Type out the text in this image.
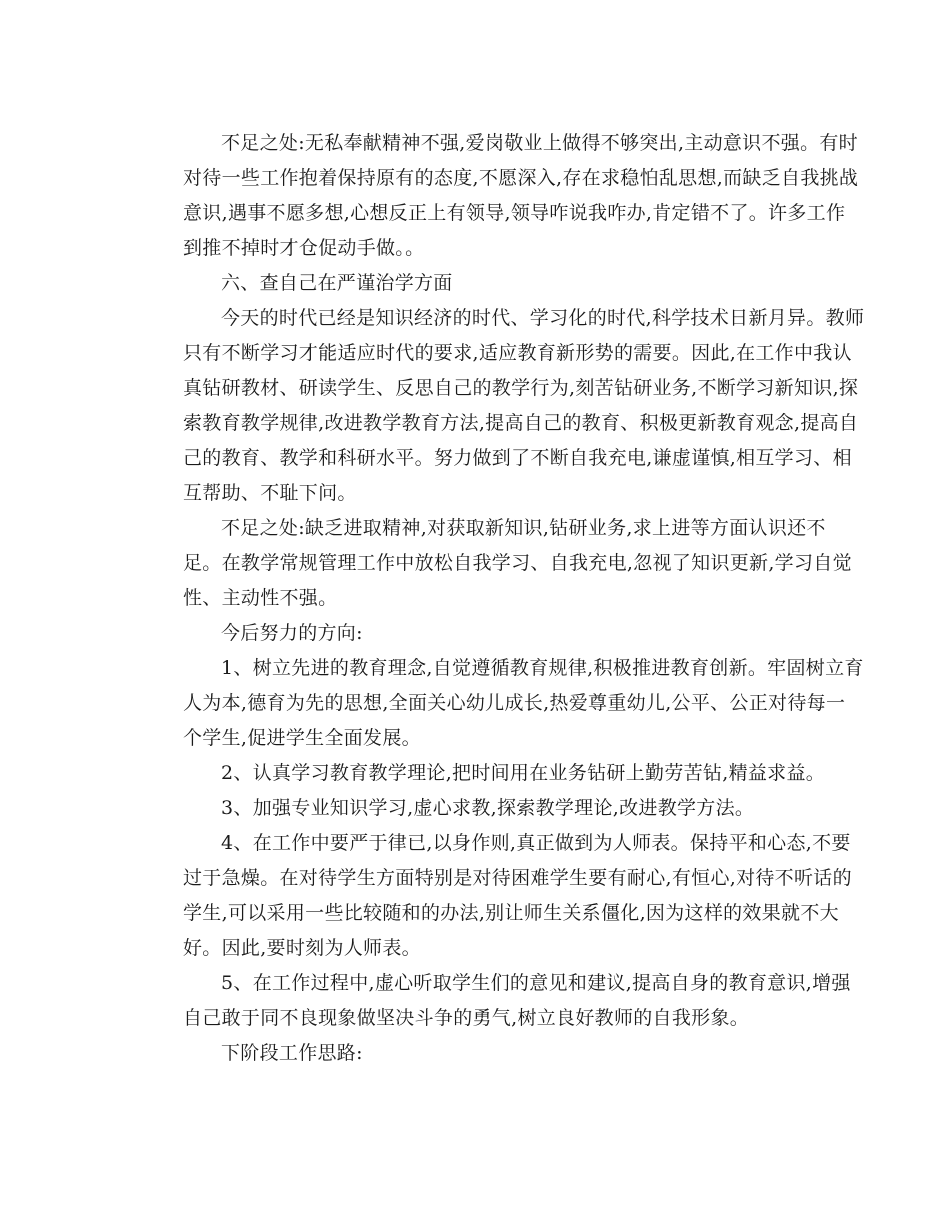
不足之处:无私奉献精神不强,爱岗敬业上做得不够突出,主动意识不强。有时
对待一些工作抱着保持原有的态度,不愿深入,存在求稳怕乱思想,而缺乏自我挑战
意识,遇事不愿多想,心想反正上有领导,领导咋说我咋办,肯定错不了。许多工作
到推不掉时才仓促动手做。。
六、查自己在严谨治学方面
今天的时代已经是知识经济的时代、学习化的时代,科学技术日新月异。教师
只有不断学习才能适应时代的要求,适应教育新形势的需要。因此,在工作中我认
真钻研教材、研读学生、反思自己的教学行为,刻苦钻研业务,不断学习新知识,探
索教育教学规律,改进教学教育方法,提高自己的教育、积极更新教育观念,提高自
己的教育、教学和科研水平。努力做到了不断自我充电,谦虚谨慎,相互学习、相
互帮助、不耻下问。
不足之处:缺乏进取精神,对获取新知识,钻研业务,求上进等方面认识还不
足。在教学常规管理工作中放松自我学习、自我充电,忽视了知识更新,学习自觉
性、主动性不强。
今后努力的方向:
1、树立先进的教育理念,自觉遵循教育规律,积极推进教育创新。牢固树立育
人为本,德育为先的思想,全面关心幼儿成长,热爱尊重幼儿,公平、公正对待每一
个学生,促进学生全面发展。
2、认真学习教育教学理论,把时间用在业务钻研上勤劳苦钻,精益求益。
3、加强专业知识学习,虚心求教,探索教学理论,改进教学方法。
4、在工作中要严于律已,以身作则,真正做到为人师表。保持平和心态,不要
过于急燥。在对待学生方面特别是对待困难学生要有耐心,有恒心,对待不听话的
学生,可以采用一些比较随和的办法,别让师生关系僵化,因为这样的效果就不大
好。因此,要时刻为人师表。
5、在工作过程中,虚心听取学生们的意见和建议,提高自身的教育意识,增强
自己敢于同不良现象做坚决斗争的勇气,树立良好教师的自我形象。
下阶段工作思路:
